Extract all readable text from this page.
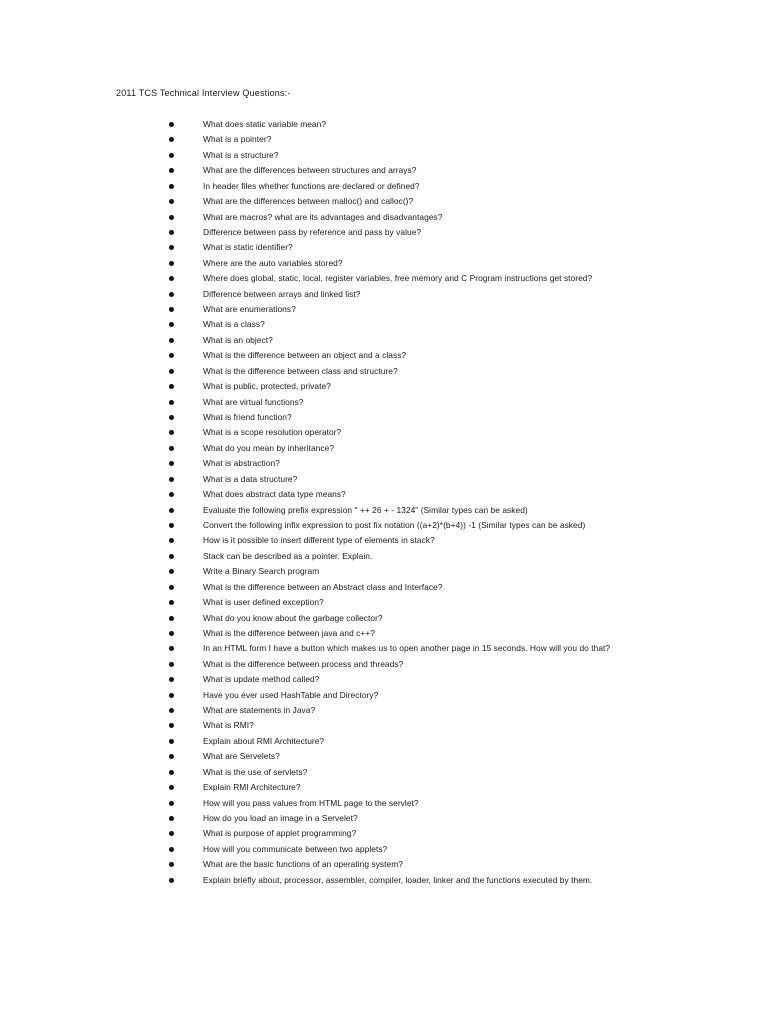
2011 TCS Technical Interview Questions:-
What does static variable mean?
What is a pointer?
What is a structure?
What are the differences between structures and arrays?
In header files whether functions are declared or defined?
What are the differences between malloc() and calloc()?
What are macros? what are its advantages and disadvantages?
Difference between pass by reference and pass by value?
What is static identifier?
Where are the auto variables stored?
Where does global, static, local, register variables, free memory and C Program instructions get stored?
Difference between arrays and linked list?
What are enumerations?
What is a class?
What is an object?
What is the difference between an object and a class?
What is the difference between class and structure?
What is public, protected, private?
What are virtual functions?
What is friend function?
What is a scope resolution operator?
What do you mean by inheritance?
What is abstraction?
What is a data structure?
What does abstract data type means?
Evaluate the following prefix expression " ++ 26 + - 1324" (Similar types can be asked)
Convert the following infix expression to post fix notation ((a+2)*(b+4)) -1 (Similar types can be asked)
How is it possible to insert different type of elements in stack?
Stack can be described as a pointer. Explain.
Write a Binary Search program
What is the difference between an Abstract class and Interface?
What is user defined exception?
What do you know about the garbage collector?
What is the difference between java and c++?
In an HTML form I have a button which makes us to open another page in 15 seconds. How will you do that?
What is the difference between process and threads?
What is update method called?
Have you ever used HashTable and Directory?
What are statements in Java?
What is RMI?
Explain about RMI Architecture?
What are Servelets?
What is the use of servlets?
Explain RMI Architecture?
How will you pass values from HTML page to the servlet?
How do you load an image in a Servelet?
What is purpose of applet programming?
How will you communicate between two applets?
What are the basic functions of an operating system?
Explain briefly about, processor, assembler, compiler, loader, linker and the functions executed by them.
